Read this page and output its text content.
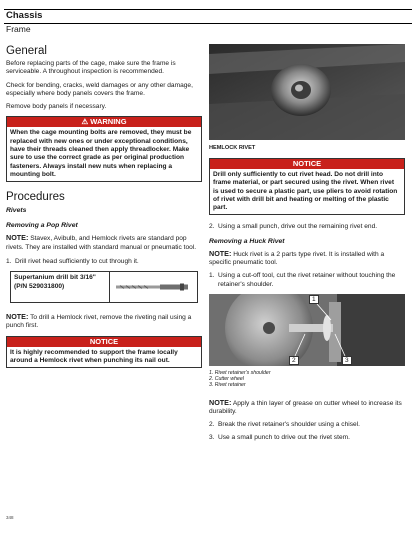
Chassis
Frame
General

Before replacing parts of the cage, make sure the frame is serviceable. A throughout inspection is recommended.

Check for bending, cracks, weld damages or any other damage, especially where body panels covers the frame.

Remove body panels if necessary.

⚠ WARNING
When the cage mounting bolts are removed, they must be replaced with new ones or under exceptional conditions, have their threads cleaned then apply threadlocker. Make sure to use the correct grade as per original production fasteners. Always install new nuts when replacing a mounting bolt.
Procedures
Rivets
Removing a Pop Rivet

NOTE: Stavex, Avibulb, and Hemlock rivets are standard pop rivets. They are installed with standard manual or pneumatic tool.

1. Drill rivet head sufficiently to cut through it.
Supertanium drill bit 3/16" (P/N 529031800)

NOTE: To drill a Hemlock rivet, remove the riveting nail using a punch first.

NOTICE
It is highly recommended to support the frame locally around a Hemlock rivet when punching its nail out.
HEMLOCK RIVET
NOTICE
Drill only sufficiently to cut rivet head. Do not drill into frame material, or part secured using the rivet. When rivet is used to secure a plastic part, use pliers to avoid rotation of rivet with drill bit and heating or melting of the plastic part.
2. Using a small punch, drive out the remaining rivet end.
Removing a Huck Rivet

NOTE: Huck rivet is a 2 parts type rivet. It is installed with a specific pneumatic tool.

1. Using a cut-off tool, cut the rivet retainer without touching the retainer's shoulder.
1
2	3
1. Rivet retainer's shoulder
2. Cutter wheel
3. Rivet retainer

NOTE: Apply a thin layer of grease on cutter wheel to increase its durability.

2. Break the rivet retainer's shoulder using a chisel.
3. Use a small punch to drive out the rivet stem.
348
